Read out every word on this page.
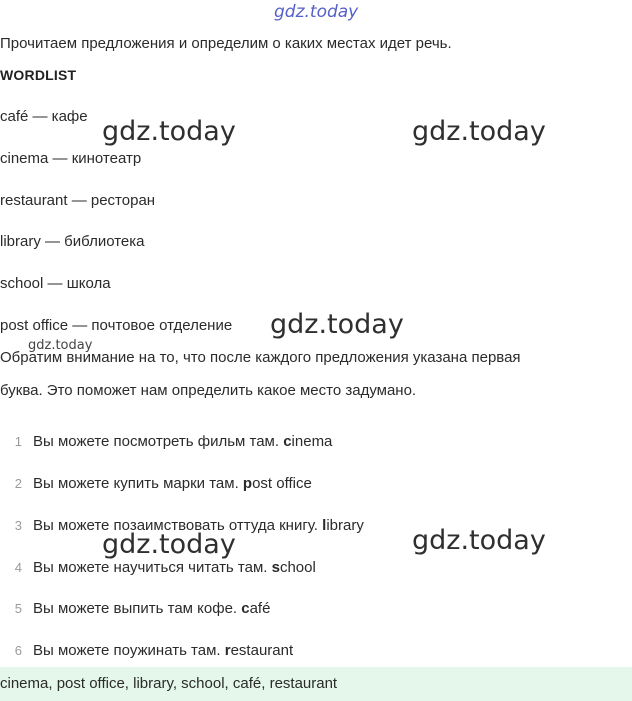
gdz.today
Прочитаем предложения и определим о каких местах идет речь.
WORDLIST
café — кафе
cinema — кинотеатр
restaurant — ресторан
library — библиотека
school — школа
post office — почтовое отделение
Обратим внимание на то, что после каждого предложения указана первая
буква. Это поможет нам определить какое место задумано.
1 Вы можете посмотреть фильм там. cinema
2 Вы можете купить марки там. post office
3 Вы можете позаимствовать оттуда книгу. library
4 Вы можете научиться читать там. school
5 Вы можете выпить там кофе. café
6 Вы можете поужинать там. restaurant
cinema, post office, library, school, café, restaurant
gdz.today	gdz.today
gdz.today
gdz.today
gdz.today	gdz.today
